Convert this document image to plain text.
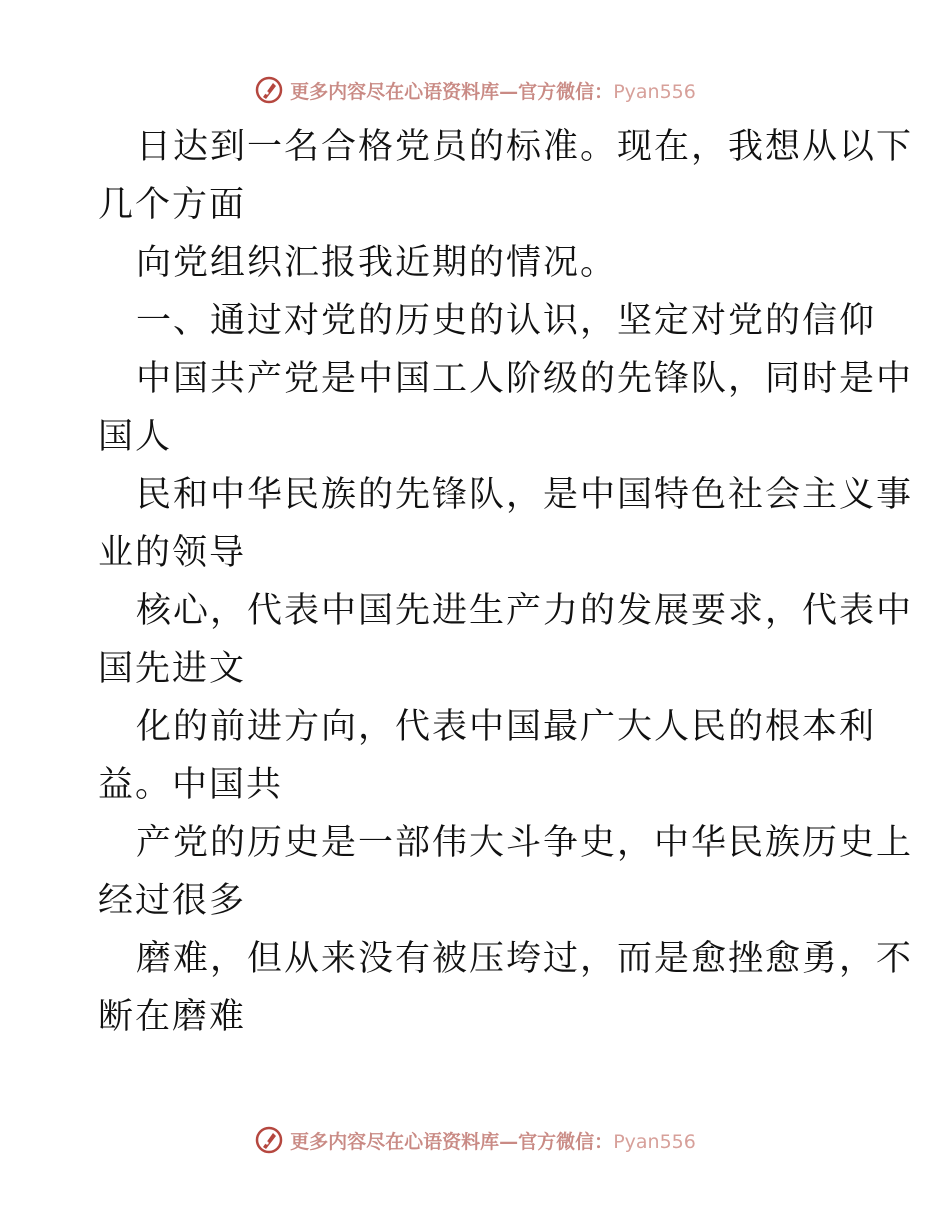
更多内容尽在心语资料库—官方微信：Pyan556
日达到一名合格党员的标准。现在，我想从以下
几个方面
向党组织汇报我近期的情况。
一、通过对党的历史的认识，坚定对党的信仰
中国共产党是中国工人阶级的先锋队，同时是中
国人
民和中华民族的先锋队，是中国特色社会主义事
业的领导
核心，代表中国先进生产力的发展要求，代表中
国先进文
化的前进方向，代表中国最广大人民的根本利
益。中国共
产党的历史是一部伟大斗争史，中华民族历史上
经过很多
磨难，但从来没有被压垮过，而是愈挫愈勇，不
断在磨难
更多内容尽在心语资料库—官方微信：Pyan556
